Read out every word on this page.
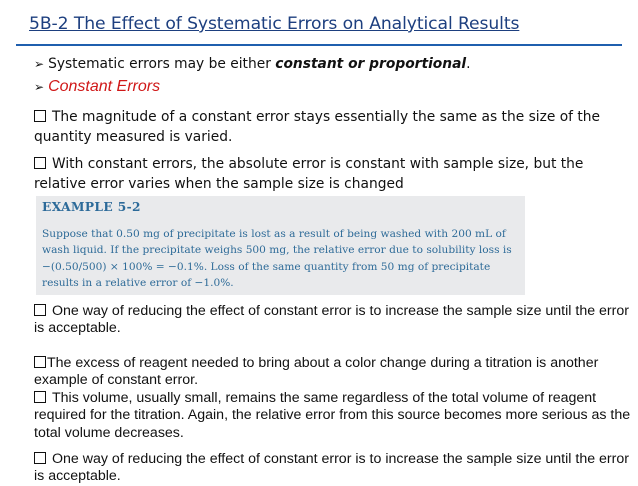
5B-2 The Effect of Systematic Errors on Analytical Results
➢ Systematic errors may be either constant or proportional.
➢ Constant Errors
The magnitude of a constant error stays essentially the same as the size of the quantity measured is varied.
With constant errors, the absolute error is constant with sample size, but the relative error varies when the sample size is changed
EXAMPLE 5-2
Suppose that 0.50 mg of precipitate is lost as a result of being washed with 200 mL of wash liquid. If the precipitate weighs 500 mg, the relative error due to solubility loss is −(0.50/500) × 100% = −0.1%. Loss of the same quantity from 50 mg of precipitate results in a relative error of −1.0%.
One way of reducing the effect of constant error is to increase the sample size until the error is acceptable.
The excess of reagent needed to bring about a color change during a titration is another example of constant error.
This volume, usually small, remains the same regardless of the total volume of reagent required for the titration. Again, the relative error from this source becomes more serious as the total volume decreases.
One way of reducing the effect of constant error is to increase the sample size until the error is acceptable.
